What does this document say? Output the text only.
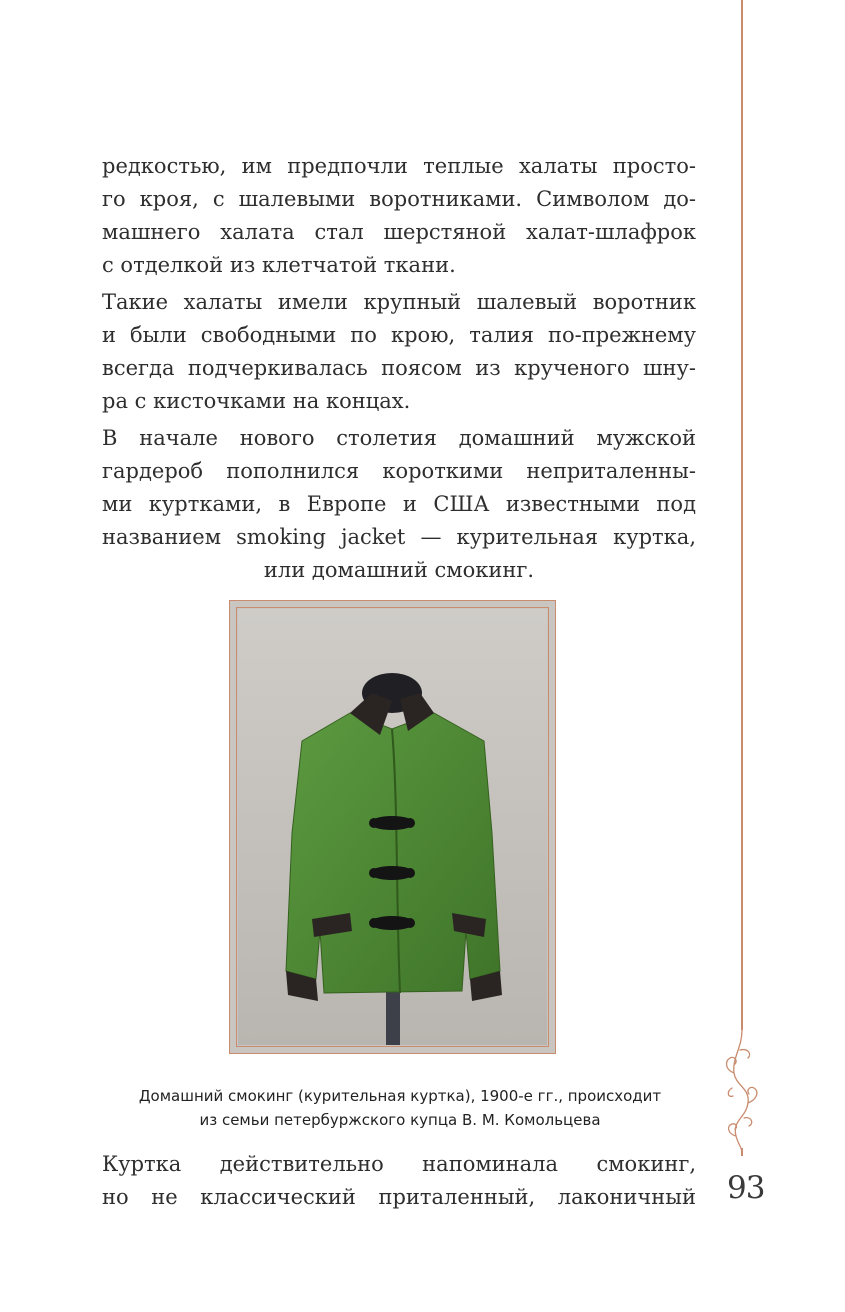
93

редкостью, им предпочли теплые халаты просто-
го кроя, с шалевыми воротниками. Символом до-
машнего халата стал шерстяной халат-шлафрок
с отделкой из клетчатой ткани.

Такие халаты имели крупный шалевый воротник
и были свободными по крою, талия по-прежнему
всегда подчеркивалась поясом из крученого шну-
ра с кисточками на концах.

В начале нового столетия домашний мужской
гардероб пополнился короткими неприталенны-
ми куртками, в Европе и США известными под
названием smoking jacket — курительная куртка,
или домашний смокинг.

Домашний смокинг (курительная куртка), 1900-е гг., происходит
из семьи петербуржского купца В. М. Комольцева

Куртка действительно напоминала смокинг,
но не классический приталенный, лаконичный
